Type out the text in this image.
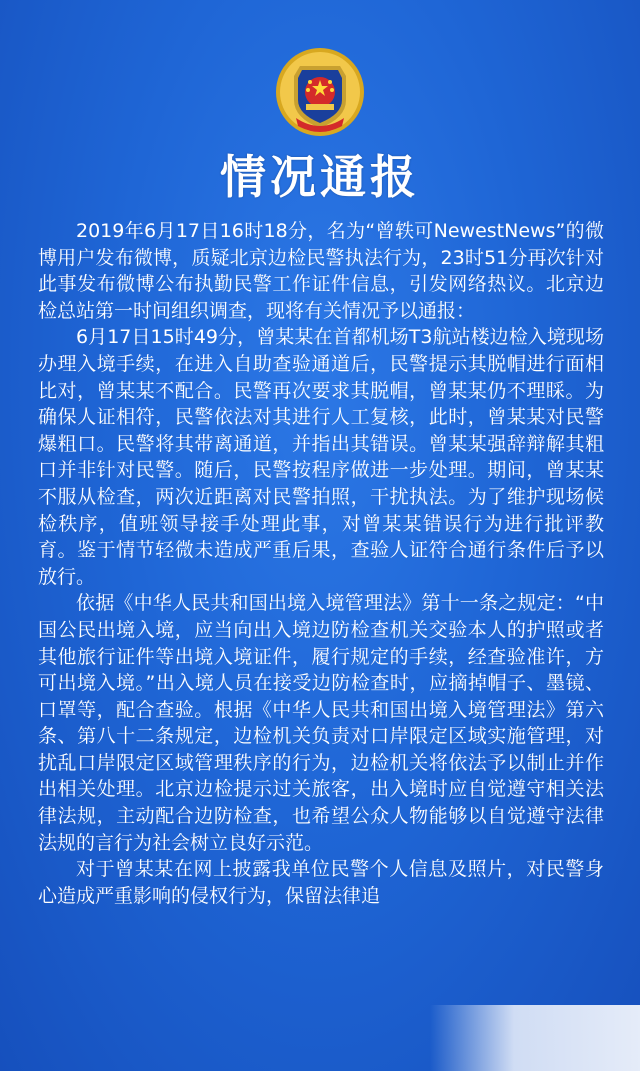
情况通报

2019年6月17日16时18分，名为“曾轶可NewestNews”的微博用户发布微博，质疑北京边检民警执法行为，23时51分再次针对此事发布微博公布执勤民警工作证件信息，引发网络热议。北京边检总站第一时间组织调查，现将有关情况予以通报：

6月17日15时49分，曾某某在首都机场T3航站楼边检入境现场办理入境手续，在进入自助查验通道后，民警提示其脱帽进行面相比对，曾某某不配合。民警再次要求其脱帽，曾某某仍不理睬。为确保人证相符，民警依法对其进行人工复核，此时，曾某某对民警爆粗口。民警将其带离通道，并指出其错误。曾某某强辞辩解其粗口并非针对民警。随后，民警按程序做进一步处理。期间，曾某某不服从检查，两次近距离对民警拍照，干扰执法。为了维护现场候检秩序，值班领导接手处理此事，对曾某某错误行为进行批评教育。鉴于情节轻微未造成严重后果，查验人证符合通行条件后予以放行。

依据《中华人民共和国出境入境管理法》第十一条之规定：“中国公民出境入境，应当向出入境边防检查机关交验本人的护照或者其他旅行证件等出境入境证件，履行规定的手续，经查验准许，方可出境入境。”出入境人员在接受边防检查时，应摘掉帽子、墨镜、口罩等，配合查验。根据《中华人民共和国出境入境管理法》第六条、第八十二条规定，边检机关负责对口岸限定区域实施管理，对扰乱口岸限定区域管理秩序的行为，边检机关将依法予以制止并作出相关处理。北京边检提示过关旅客，出入境时应自觉遵守相关法律法规，主动配合边防检查，也希望公众人物能够以自觉遵守法律法规的言行为社会树立良好示范。

对于曾某某在网上披露我单位民警个人信息及照片，对民警身心造成严重影响的侵权行为，保留法律追
